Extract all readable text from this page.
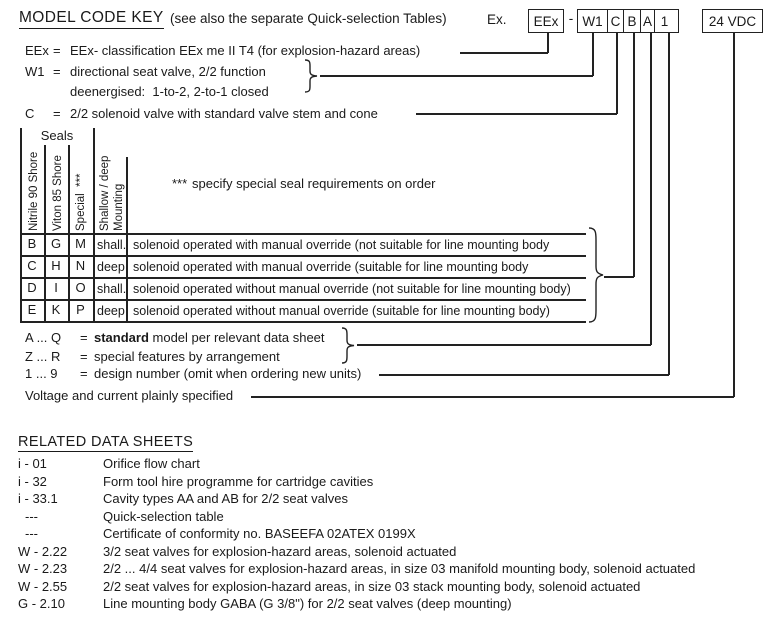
MODEL CODE KEY (see also the separate Quick-selection Tables)	Ex.	EEx - W1 C B A 1	24 VDC
EEx = EEx- classification EEx me II T4 (for explosion-hazard areas)
W1 = directional seat valve, 2/2 function
deenergised:  1-to-2, 2-to-1 closed
C = 2/2 solenoid valve with standard valve stem and cone
Seals
Nitrile 90 Shore Viton 85 Shore Special  *** Shallow / deep Mounting
*** specify special seal requirements on order
B	G	M shall. solenoid operated with manual override (not suitable for line mounting body
C	H	N deep solenoid operated with manual override (suitable for line mounting body
D	I	O shall. solenoid operated without manual override (not suitable for line mounting body)
E	K	P deep solenoid operated without manual override (suitable for line mounting body)
A ... Q = standard model per relevant data sheet
Z ... R = special features by arrangement
1 ... 9 = design number (omit when ordering new units)
Voltage and current plainly specified
RELATED DATA SHEETS
i - 01	Orifice flow chart
i - 32	Form tool hire programme for cartridge cavities
i - 33.1	Cavity types AA and AB for 2/2 seat valves
---	Quick-selection table
---	Certificate of conformity no. BASEEFA 02ATEX 0199X
W - 2.22	3/2 seat valves for explosion-hazard areas, solenoid actuated
W - 2.23	2/2 ... 4/4 seat valves for explosion-hazard areas, in size 03 manifold mounting body, solenoid actuated
W - 2.55	2/2 seat valves for explosion-hazard areas, in size 03 stack mounting body, solenoid actuated
G - 2.10	Line mounting body GABA (G 3/8") for 2/2 seat valves (deep mounting)
